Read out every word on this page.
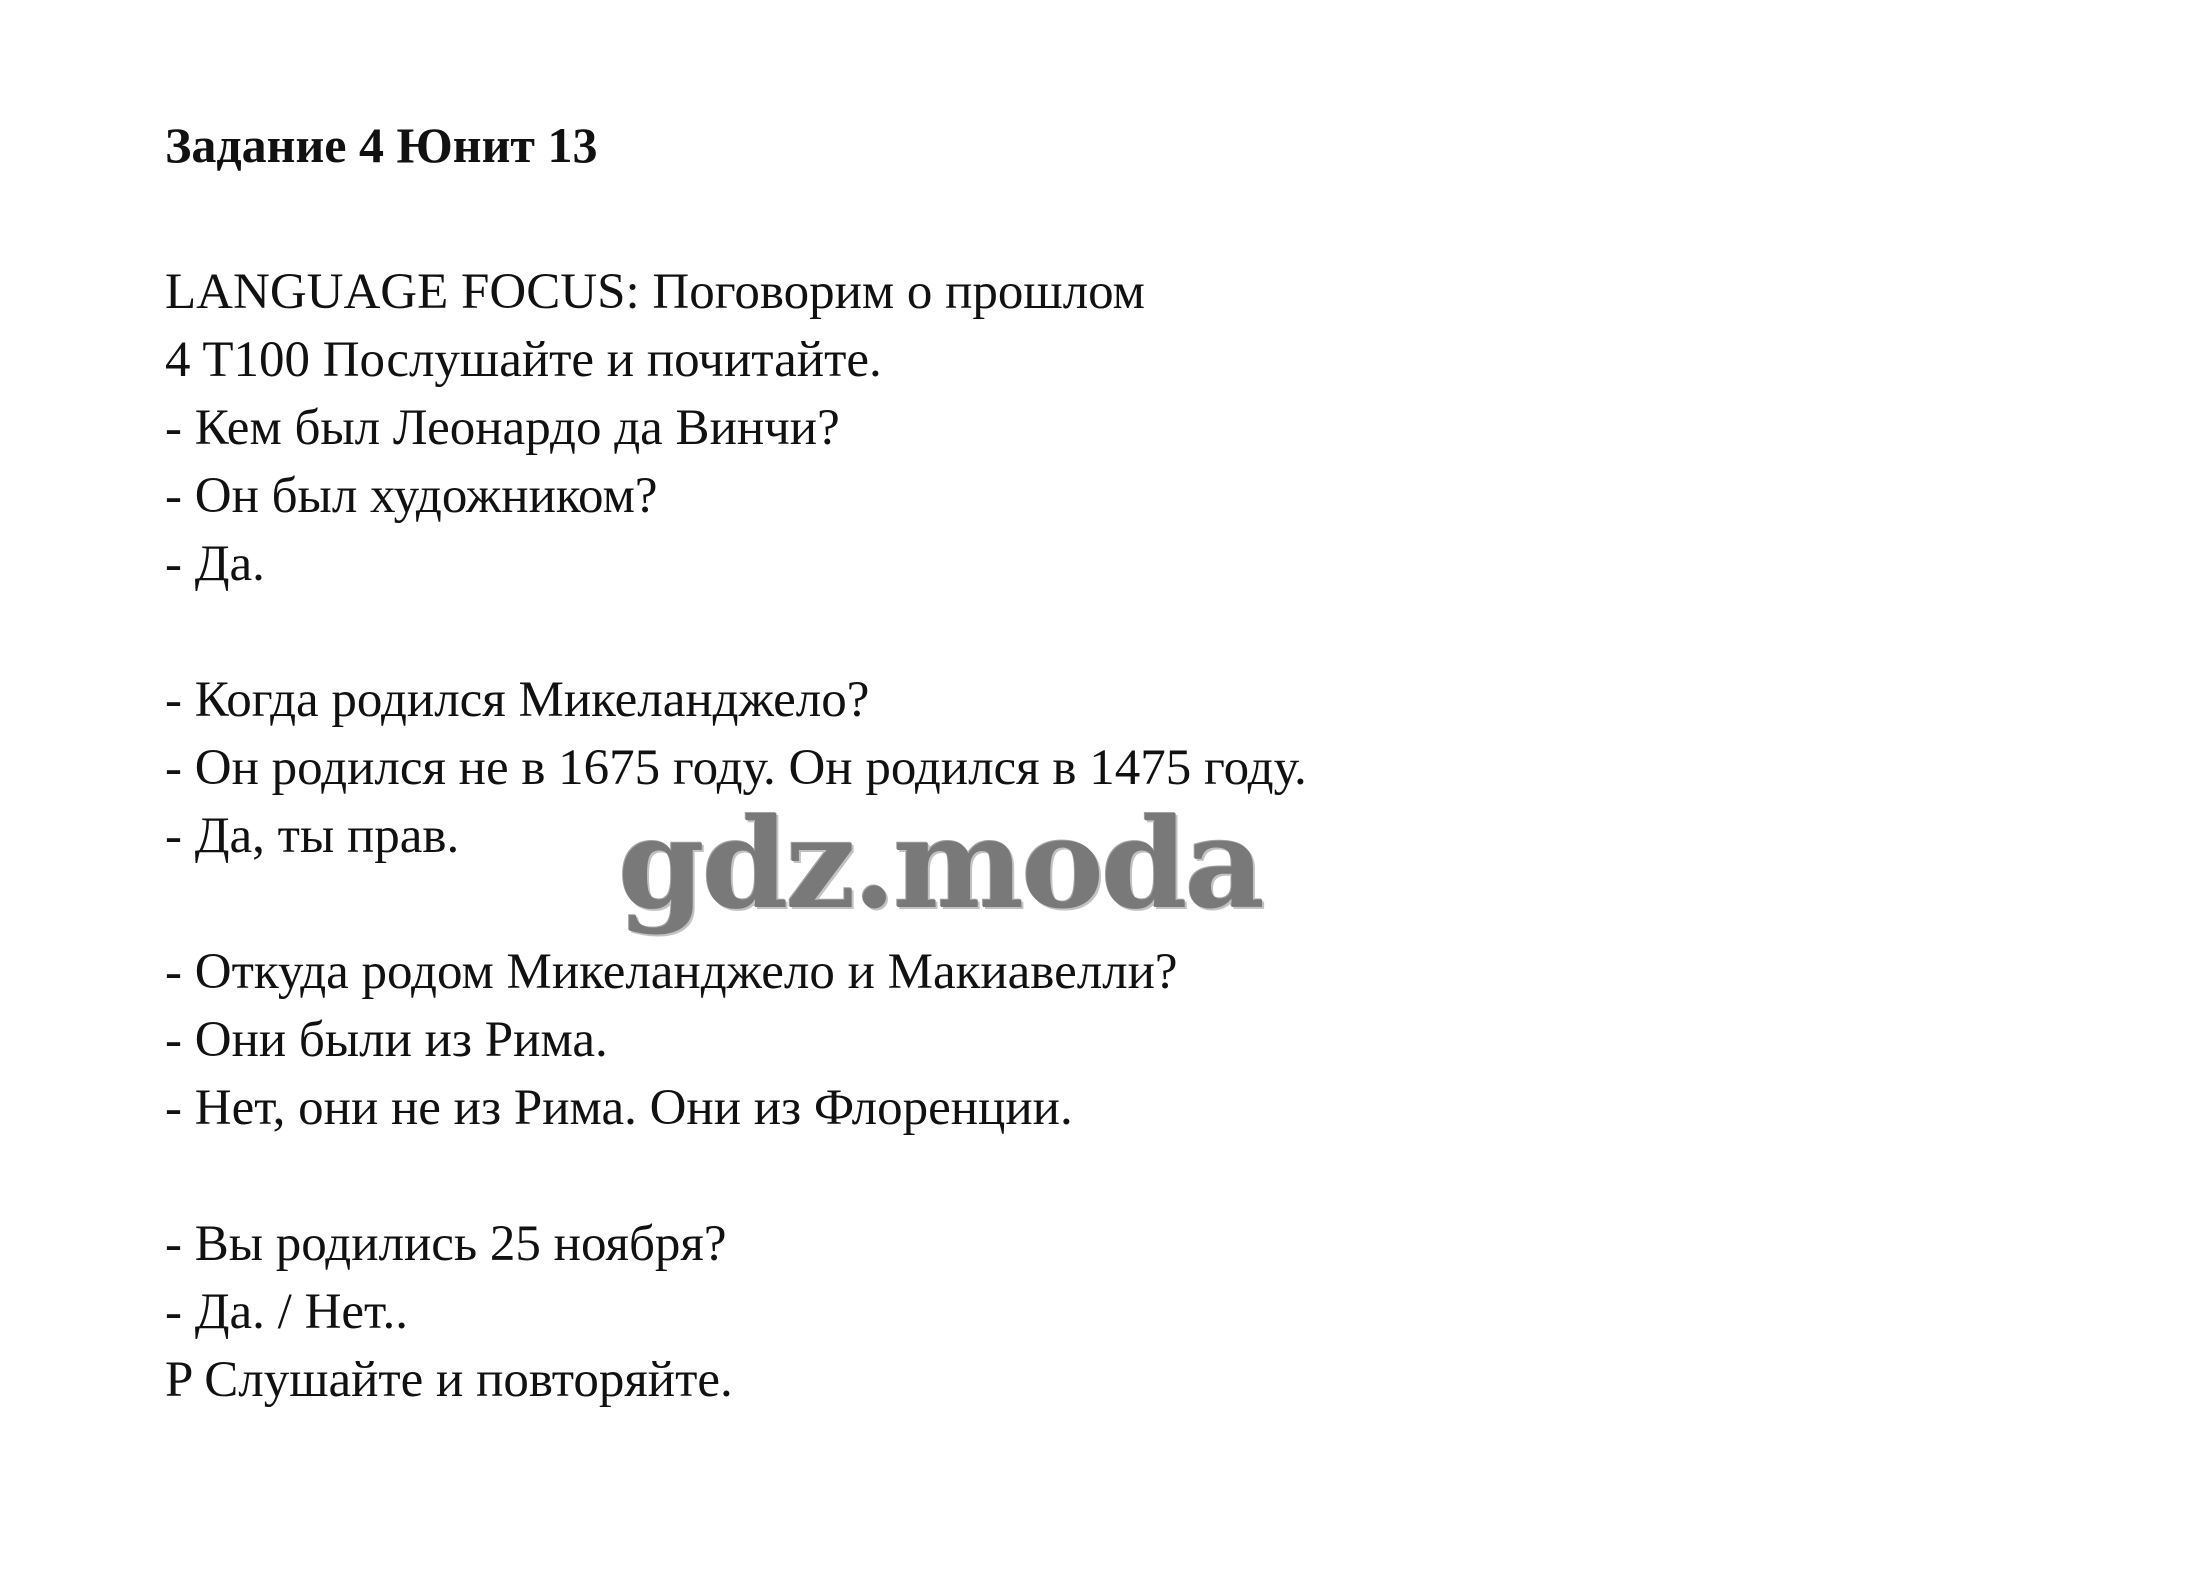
Задание 4 Юнит 13
LANGUAGE FOCUS: Поговорим о прошлом
4 T100 Послушайте и почитайте.
- Кем был Леонардо да Винчи?
- Он был художником?
- Да.
- Когда родился Микеланджело?
- Он родился не в 1675 году. Он родился в 1475 году.
- Да, ты прав.
- Откуда родом Микеланджело и Макиавелли?
- Они были из Рима.
- Нет, они не из Рима. Они из Флоренции.
- Вы родились 25 ноября?
- Да. / Нет..
P Слушайте и повторяйте.
gdz.moda
